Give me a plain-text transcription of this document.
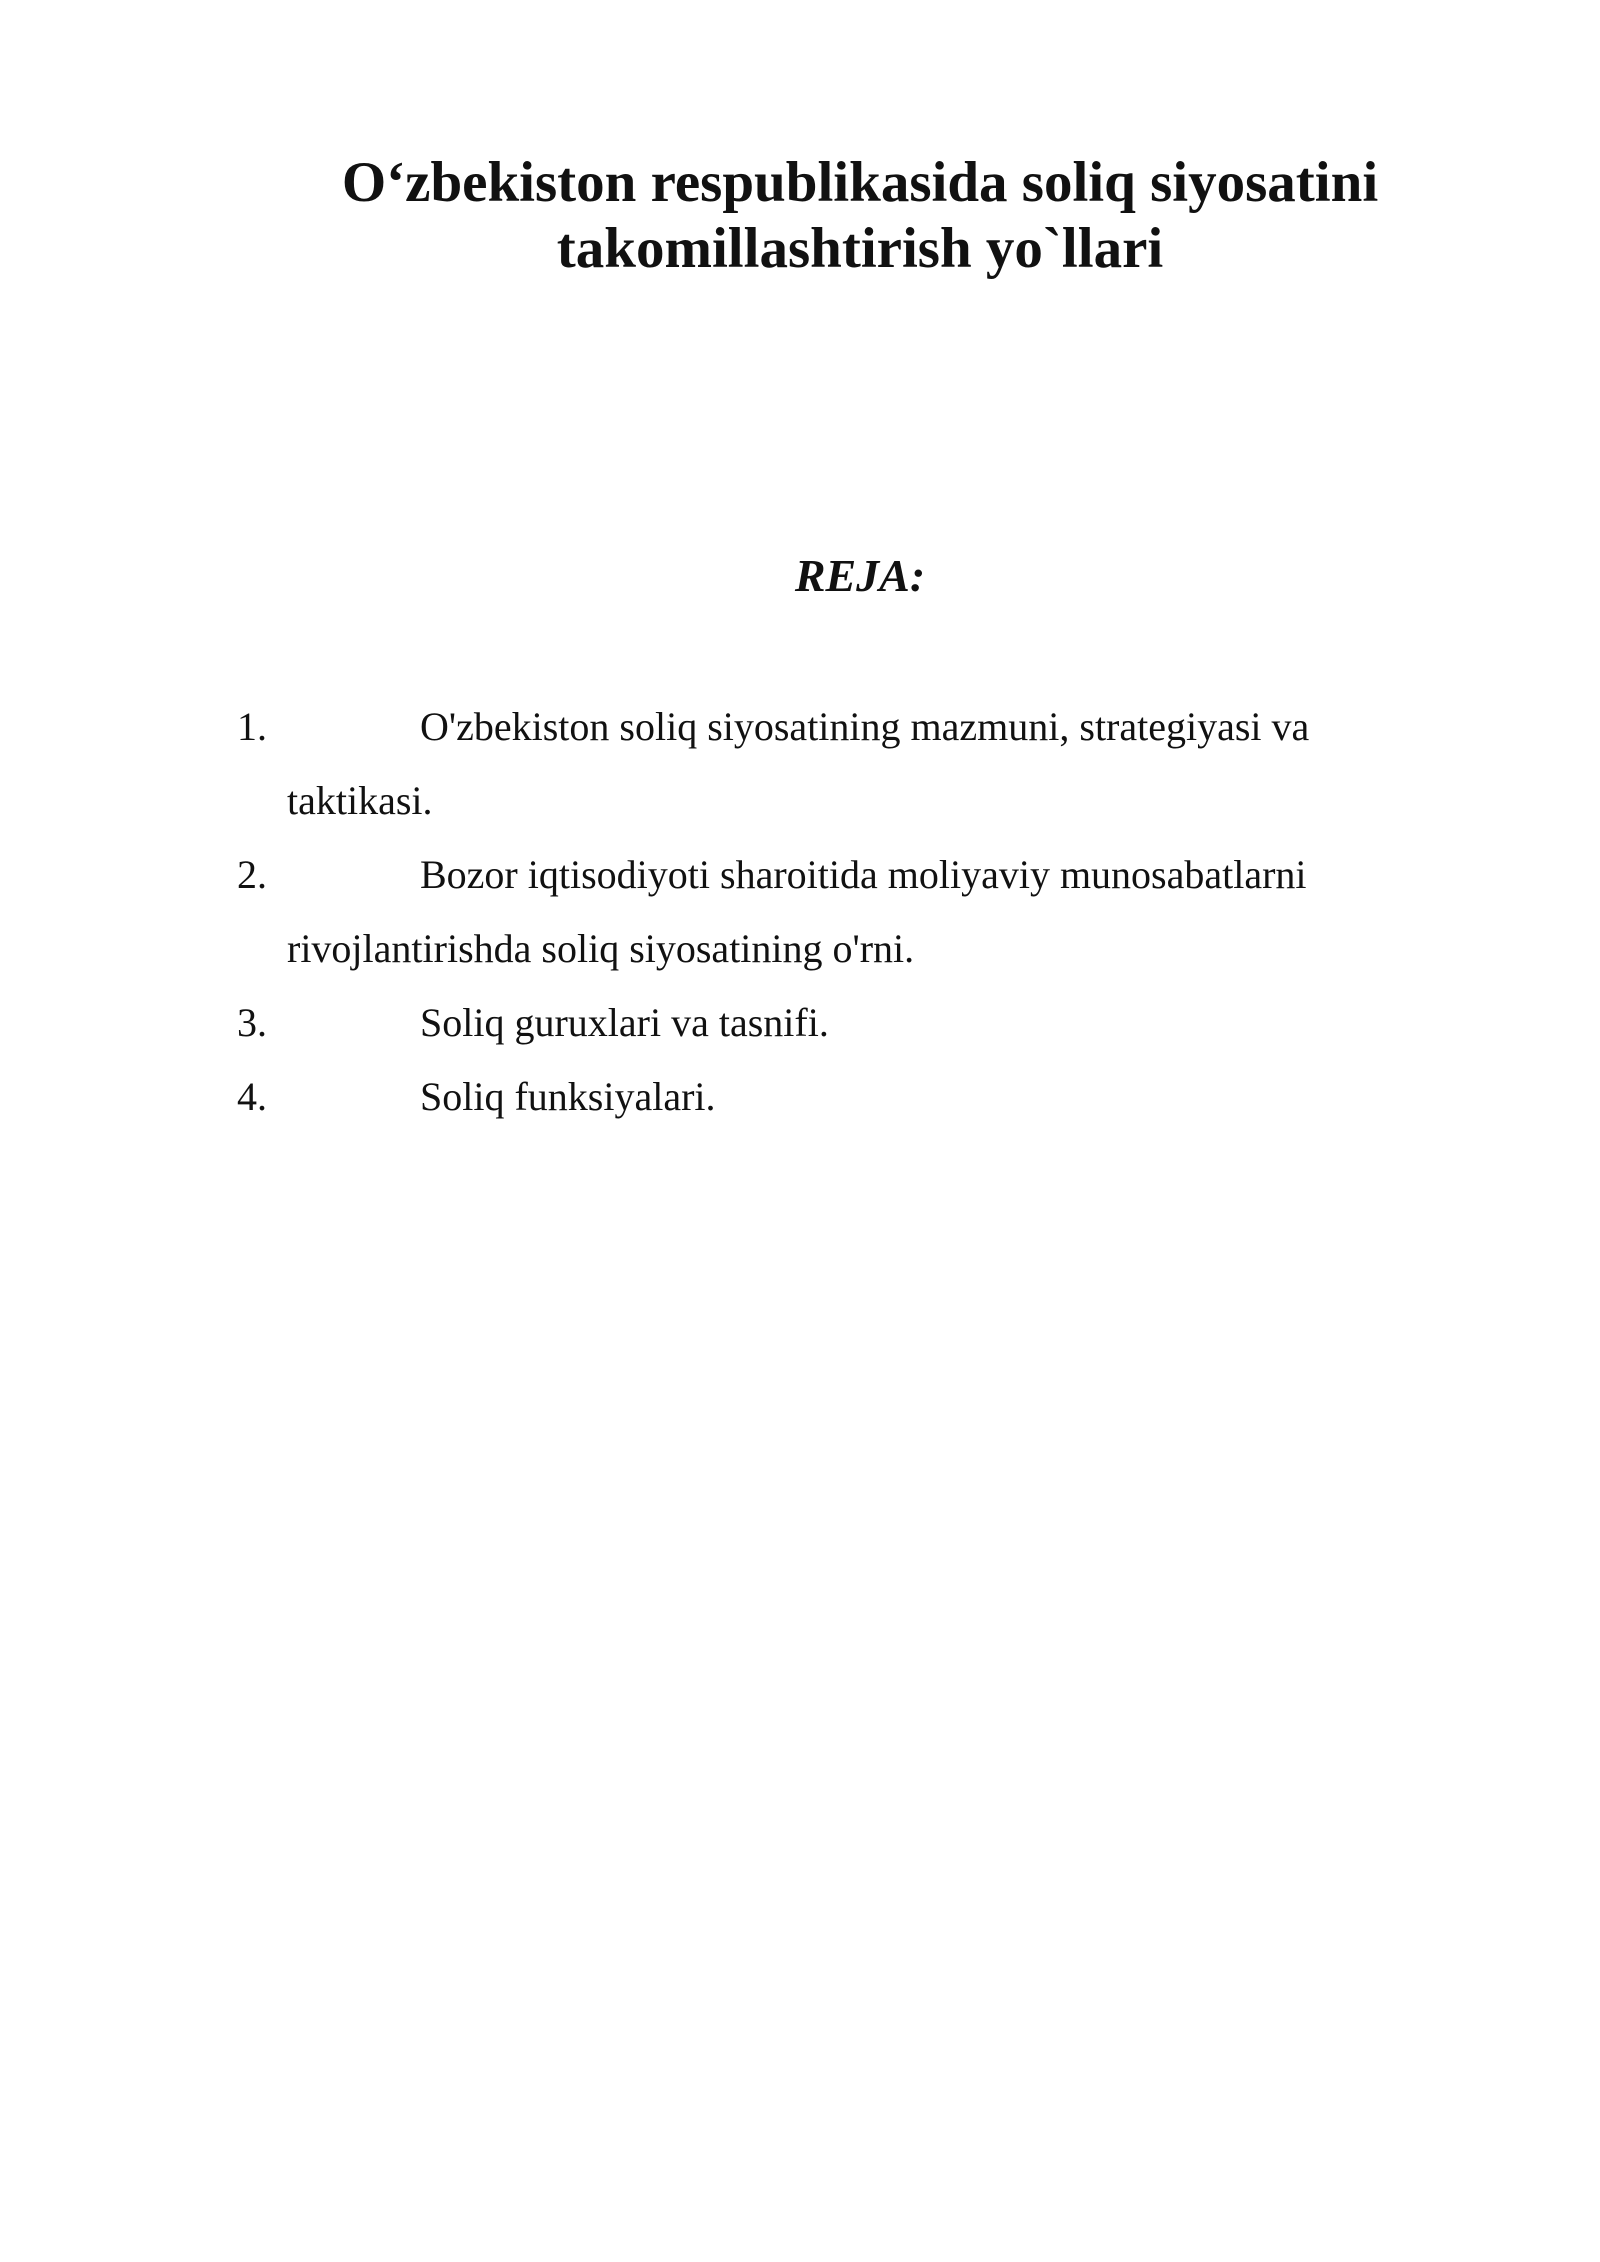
O‘zbekiston respublikasida soliq siyosatini
takomillashtirish yo`llari
REJA:
1.	O'zbekiston soliq siyosatining mazmuni, strategiyasi va
taktikasi.
2.	Bozor iqtisodiyoti sharoitida moliyaviy munosabatlarni
rivojlantirishda soliq siyosatining o'rni.
3.	Soliq guruxlari va tasnifi.
4.	Soliq funksiyalari.
